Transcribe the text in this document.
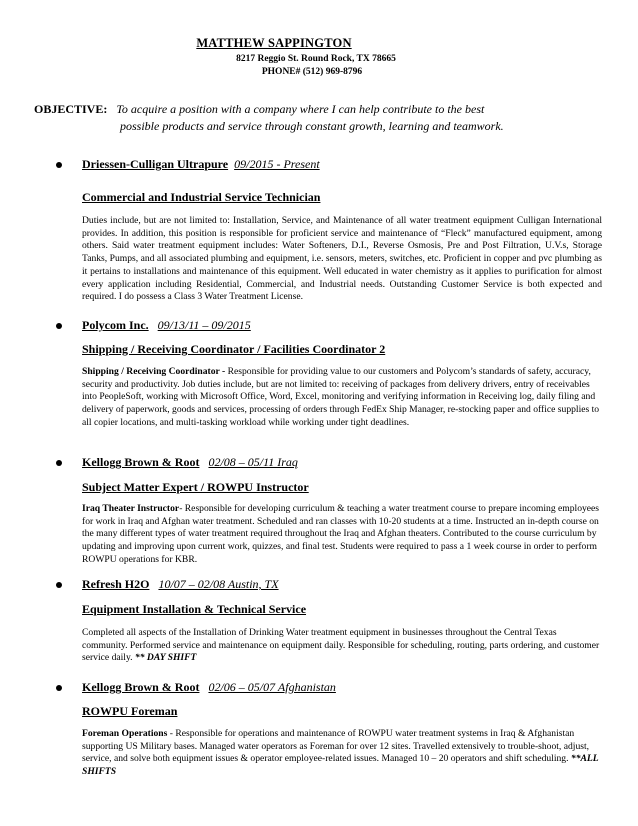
MATTHEW SAPPINGTON
8217 Reggio St. Round Rock, TX 78665
PHONE# (512) 969-8796
OBJECTIVE: To acquire a position with a company where I can help contribute to the best
possible products and service through constant growth, learning and teamwork.
Driessen-Culligan Ultrapure 09/2015 - Present
Commercial and Industrial Service Technician
Duties include, but are not limited to: Installation, Service, and Maintenance of all water treatment equipment Culligan International provides. In addition, this position is responsible for proficient service and maintenance of “Fleck” manufactured equipment, among others. Said water treatment equipment includes: Water Softeners, D.I., Reverse Osmosis, Pre and Post Filtration, U.V.s, Storage Tanks, Pumps, and all associated plumbing and equipment, i.e. sensors, meters, switches, etc. Proficient in copper and pvc plumbing as it pertains to installations and maintenance of this equipment. Well educated in water chemistry as it applies to purification for almost every application including Residential, Commercial, and Industrial needs. Outstanding Customer Service is both expected and required. I do possess a Class 3 Water Treatment License.
Polycom Inc. 09/13/11 – 09/2015
Shipping / Receiving Coordinator / Facilities Coordinator 2
Shipping / Receiving Coordinator - Responsible for providing value to our customers and Polycom’s standards of safety, accuracy, security and productivity. Job duties include, but are not limited to: receiving of packages from delivery drivers, entry of receivables into PeopleSoft, working with Microsoft Office, Word, Excel, monitoring and verifying information in Receiving log, daily filing and delivery of paperwork, goods and services, processing of orders through FedEx Ship Manager, re-stocking paper and office supplies to all copier locations, and multi-tasking workload while working under tight deadlines.
Kellogg Brown & Root 02/08 – 05/11 Iraq
Subject Matter Expert / ROWPU Instructor
Iraq Theater Instructor- Responsible for developing curriculum & teaching a water treatment course to prepare incoming employees for work in Iraq and Afghan water treatment. Scheduled and ran classes with 10-20 students at a time. Instructed an in-depth course on the many different types of water treatment required throughout the Iraq and Afghan theaters. Contributed to the course curriculum by updating and improving upon current work, quizzes, and final test. Students were required to pass a 1 week course in order to perform ROWPU operations for KBR.
Refresh H2O 10/07 – 02/08 Austin, TX
Equipment Installation & Technical Service
Completed all aspects of the Installation of Drinking Water treatment equipment in businesses throughout the Central Texas community. Performed service and maintenance on equipment daily. Responsible for scheduling, routing, parts ordering, and customer service daily. ** DAY SHIFT
Kellogg Brown & Root 02/06 – 05/07 Afghanistan
ROWPU Foreman
Foreman Operations - Responsible for operations and maintenance of ROWPU water treatment systems in Iraq & Afghanistan supporting US Military bases. Managed water operators as Foreman for over 12 sites. Travelled extensively to trouble-shoot, adjust, service, and solve both equipment issues & operator employee-related issues. Managed 10 – 20 operators and shift scheduling. **ALL SHIFTS
